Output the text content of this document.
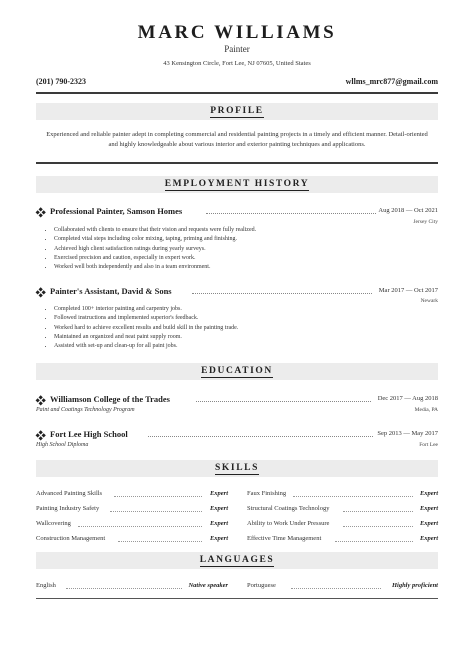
MARC WILLIAMS
Painter
43 Kensington Circle, Fort Lee, NJ 07605, United States
(201) 790-2323	wllms_mrc877@gmail.com
PROFILE
Experienced and reliable painter adept in completing commercial and residential painting projects in a timely and efficient manner. Detail-oriented and highly knowledgeable about various interior and exterior painting techniques and applications.
EMPLOYMENT HISTORY
Professional Painter, Samson Homes	Aug 2018 — Oct 2021
Jersey City
• Collaborated with clients to ensure that their vision and requests were fully realized.
• Completed vital steps including color mixing, taping, priming and finishing.
• Achieved high client satisfaction ratings during yearly surveys.
• Exercised precision and caution, especially in expert work.
• Worked well both independently and also in a team environment.
Painter's Assistant, David & Sons	Mar 2017 — Oct 2017
Newark
• Completed 100+ interior painting and carpentry jobs.
• Followed instructions and implemented superior's feedback.
• Worked hard to achieve excellent results and build skill in the painting trade.
• Maintained an organized and neat paint supply room.
• Assisted with set-up and clean-up for all paint jobs.
EDUCATION
Williamson College of the Trades	Dec 2017 — Aug 2018
Paint and Coatings Technology Program	Media, PA
Fort Lee High School	Sep 2013 — May 2017
High School Diploma	Fort Lee
SKILLS
Advanced Painting Skills	Expert	Faux Finishing	Expert
Painting Industry Safety	Expert	Structural Coatings Technology	Expert
Wallcovering	Expert	Ability to Work Under Pressure	Expert
Construction Management	Expert	Effective Time Management	Expert
LANGUAGES
English	Native speaker	Portuguese	Highly proficient
